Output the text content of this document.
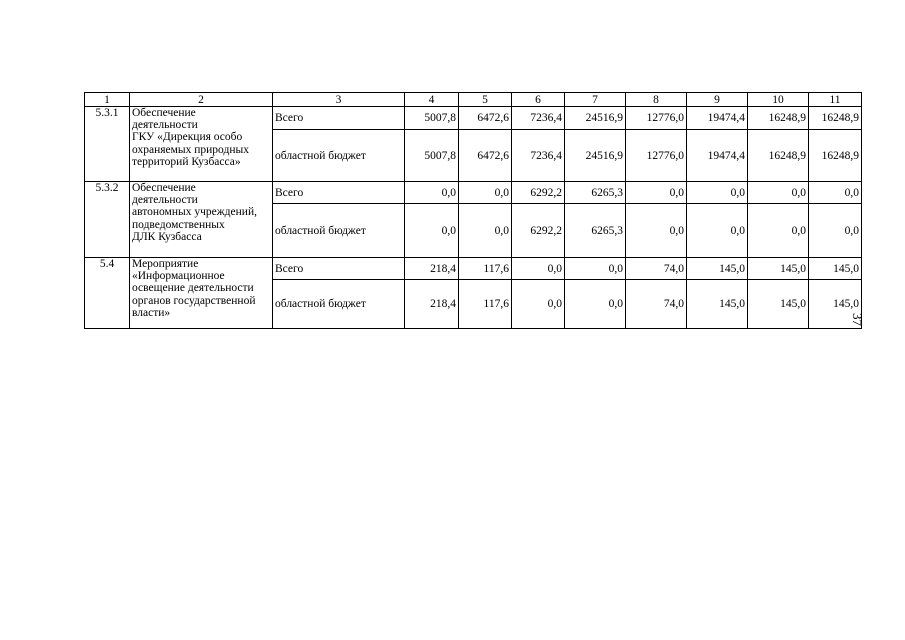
1	2	3	4	5	6	7	8	9	10	11
5.3.1	Обеспечение
деятельности
ГКУ «Дирекция особо
охраняемых природных
территорий Кузбасса»	Всего	5007,8	6472,6	7236,4	24516,9	12776,0	19474,4	16248,9	16248,9
		областной бюджет	5007,8	6472,6	7236,4	24516,9	12776,0	19474,4	16248,9	16248,9
5.3.2	Обеспечение
деятельности
автономных учреждений,
подведомственных
ДЛК Кузбасса	Всего	0,0	0,0	6292,2	6265,3	0,0	0,0	0,0	0,0
		областной бюджет	0,0	0,0	6292,2	6265,3	0,0	0,0	0,0	0,0
5.4	Мероприятие
«Информационное
освещение деятельности
органов государственной
власти»	Всего	218,4	117,6	0,0	0,0	74,0	145,0	145,0	145,0
		областной бюджет	218,4	117,6	0,0	0,0	74,0	145,0	145,0	145,0
37
